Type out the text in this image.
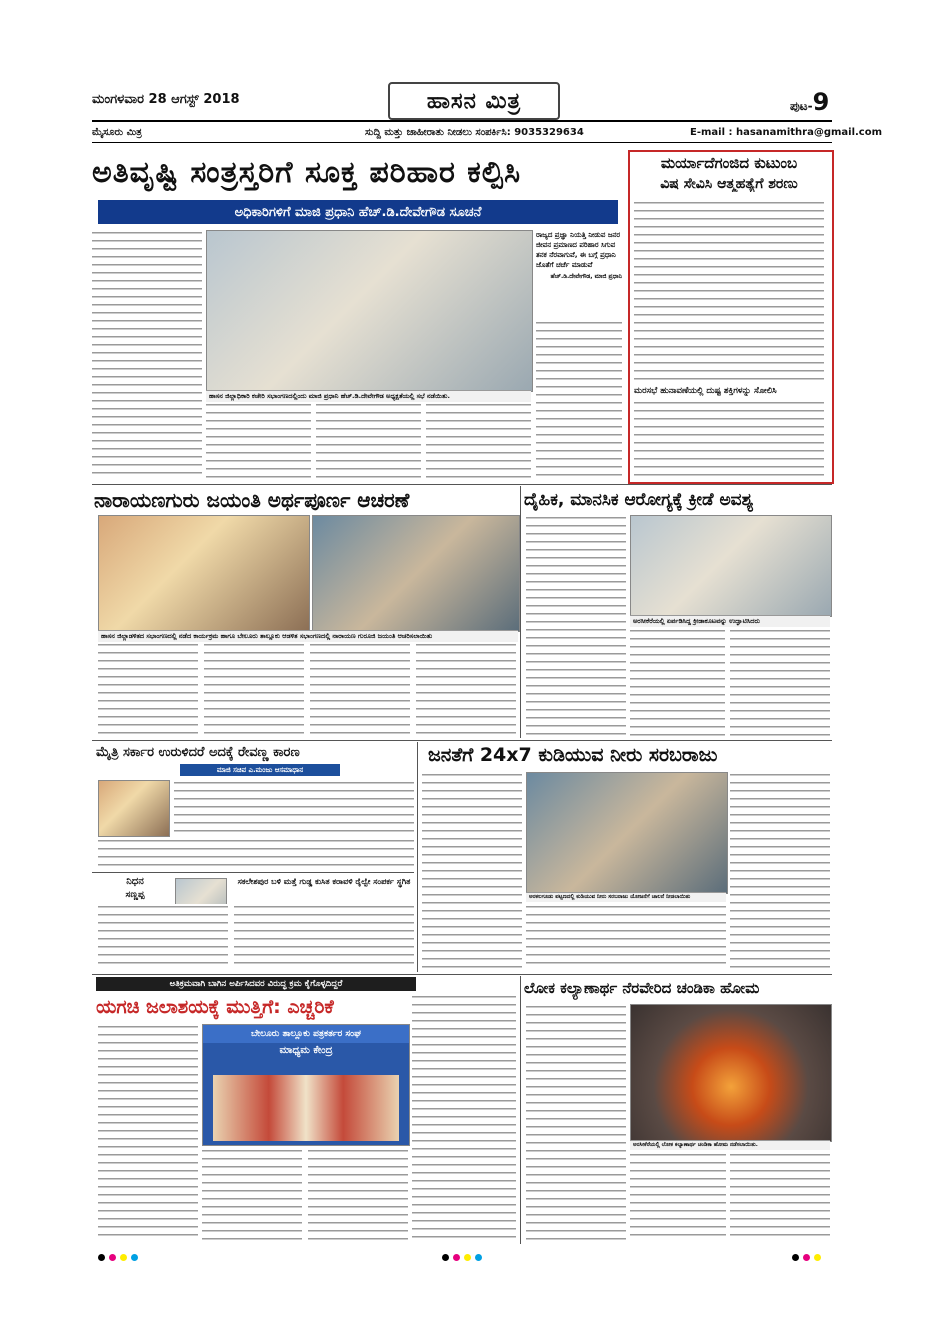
ಮಂಗಳವಾರ 28 ಆಗಸ್ಟ್ 2018	ಹಾಸನ ಮಿತ್ರ	ಪುಟ-9
ಮೈಸೂರು ಮಿತ್ರ	ಸುದ್ದಿ ಮತ್ತು ಜಾಹೀರಾತು ನೀಡಲು ಸಂಪರ್ಕಿಸಿ: 9035329634	E-mail : hasanamithra@gmail.com
ಅತಿವೃಷ್ಟಿ ಸಂತ್ರಸ್ತರಿಗೆ ಸೂಕ್ತ ಪರಿಹಾರ ಕಲ್ಪಿಸಿ
ಅಧಿಕಾರಿಗಳಿಗೆ ಮಾಜಿ ಪ್ರಧಾನಿ ಹೆಚ್.ಡಿ.ದೇವೇಗೌಡ ಸೂಚನೆ
ಹಾಸನ ಜಿಲ್ಲಾಧಿಕಾರಿ ಕಚೇರಿ ಸಭಾಂಗಣದಲ್ಲಿಂದು ಮಾಜಿ ಪ್ರಧಾನಿ ಹೆಚ್.ಡಿ.ದೇವೇಗೌಡ ಅಧ್ಯಕ್ಷತೆಯಲ್ಲಿ ಸಭೆ ನಡೆಯಿತು.
ರಾಜ್ಯದ ಪ್ರಜ್ಞಾ ನಿಯತ್ತಿ ನೀಡುವ ಜನರ ಜೀವನ ಪ್ರಮಾಣದ ಪರಿಹಾರ ಸಿಗುವ ತನಕ ನೆರವಾಗುವೆ, ಈ ಬಗ್ಗೆ ಪ್ರಧಾನಿ ಜೊತೆಗೆ ಚರ್ಚೆ ಮಾಡುವೆ
ಹೆಚ್.ಡಿ.ದೇವೇಗೌಡ, ಮಾಜಿ ಪ್ರಧಾನಿ
ಮರ್ಯಾದೆಗಂಜಿದ ಕುಟುಂಬ
ವಿಷ ಸೇವಿಸಿ ಆತ್ಮಹತ್ಯೆಗೆ ಶರಣು
ಮರಸಭೆ ಹುನಾವಣೆಯಲ್ಲಿ ದುಷ್ಟ ಶಕ್ತಿಗಳನ್ನು ಸೋಲಿಸಿ
ನಾರಾಯಣಗುರು ಜಯಂತಿ ಅರ್ಥಪೂರ್ಣ ಆಚರಣೆ
ಹಾಸನ ಜಿಲ್ಲಾಡಳಿತದ ಸಭಾಂಗಣದಲ್ಲಿ ನಡೆದ ಕಾರ್ಯಕ್ರಮ ಹಾಗೂ ಬೇಲೂರು ತಾಲ್ಲೂಕು ಆಡಳಿತ ಸಭಾಂಗಣದಲ್ಲಿ ನಾರಾಯಣ ಗುರೂಜಿ ಜಯಂತಿ ಆಚರಿಸಲಾಯಿತು
ದೈಹಿಕ, ಮಾನಸಿಕ ಆರೋಗ್ಯಕ್ಕೆ ಕ್ರೀಡೆ ಅವಶ್ಯ
ಅರಸೀಕೆರೆಯಲ್ಲಿ ಏರ್ಪಡಿಸಿದ್ದ ಕ್ರೀಡಾಕೂಟವನ್ನು ಉದ್ಘಾಟಿಸಿದರು
ಮೈತ್ರಿ ಸರ್ಕಾರ ಉರುಳಿದರೆ ಅದಕ್ಕೆ ರೇವಣ್ಣ ಕಾರಣ
ಮಾಜಿ ಸಚಿವ ಎ.ಮಂಜು ಆಸಮಾಧಾನ
ನಿಧನ
ಸಣ್ಣಪ್ಪ
ಸಕಲೇಶಪುರ ಬಳಿ ಮತ್ತೆ ಗುಡ್ಡ ಕುಸಿತ ಕರಾವಳಿ ರೈಲ್ವೇ ಸಂಪರ್ಕ ಸ್ಥಗಿತ
ಜನತೆಗೆ 24x7 ಕುಡಿಯುವ ನೀರು ಸರಬರಾಜು
ಅರಕಲಗೂಡು ಪಟ್ಟಣದಲ್ಲಿ ಕುಡಿಯುವ ನೀರು ಸರಬರಾಜು ಯೋಜನೆಗೆ ಚಾಲನೆ ನೀಡಲಾಯಿತು
ಅತಿಕ್ರಮವಾಗಿ ಬಾಗಿನ ಅರ್ಪಿಸಿದವರ ವಿರುದ್ಧ ಕ್ರಮ ಕೈಗೊಳ್ಳದಿದ್ದರೆ
ಯಗಚಿ ಜಲಾಶಯಕ್ಕೆ ಮುತ್ತಿಗೆ: ಎಚ್ಚರಿಕೆ
ಬೇಲೂರು ತಾಲ್ಲೂಕು ಪತ್ರಕರ್ತರ ಸಂಘ
ಮಾಧ್ಯಮ ಕೇಂದ್ರ
ಲೋಕ ಕಲ್ಯಾಣಾರ್ಥ ನೆರವೇರಿದ ಚಂಡಿಕಾ ಹೋಮ
ಅರಸೀಕೆರೆಯಲ್ಲಿ ಲೋಕ ಕಲ್ಯಾಣಾರ್ಥ ಚಂಡಿಕಾ ಹೋಮ ನಡೆಸಲಾಯಿತು.
